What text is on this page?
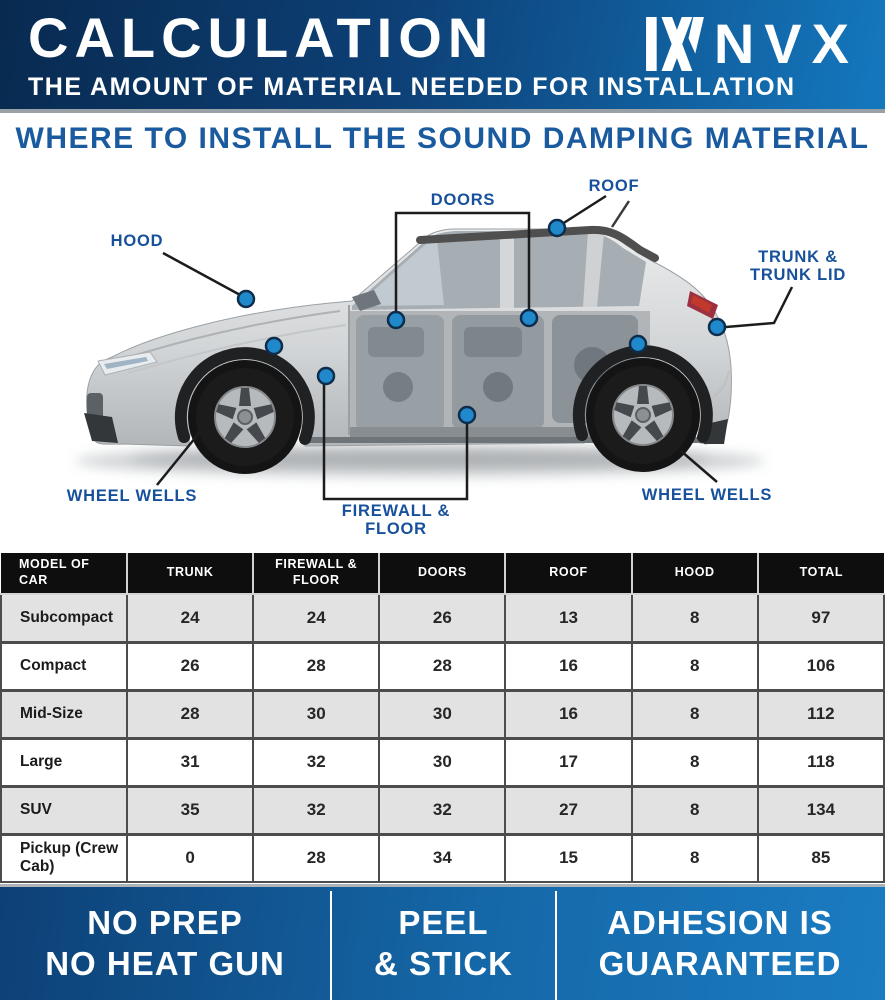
CALCULATION
THE AMOUNT OF MATERIAL NEEDED FOR INSTALLATION
NVX
WHERE TO INSTALL THE SOUND DAMPING MATERIAL
HOOD
DOORS
ROOF
TRUNK &
TRUNK LID
WHEEL WELLS
FIREWALL &
FLOOR
WHEEL WELLS
MODEL OF CAR	TRUNK	FIREWALL & FLOOR	DOORS	ROOF	HOOD	TOTAL
Subcompact	24	24	26	13	8	97
Compact	26	28	28	16	8	106
Mid-Size	28	30	30	16	8	112
Large	31	32	30	17	8	118
SUV	35	32	32	27	8	134
Pickup (Crew Cab)	0	28	34	15	8	85
NO PREP
NO HEAT GUN
PEEL
& STICK
ADHESION IS
GUARANTEED
